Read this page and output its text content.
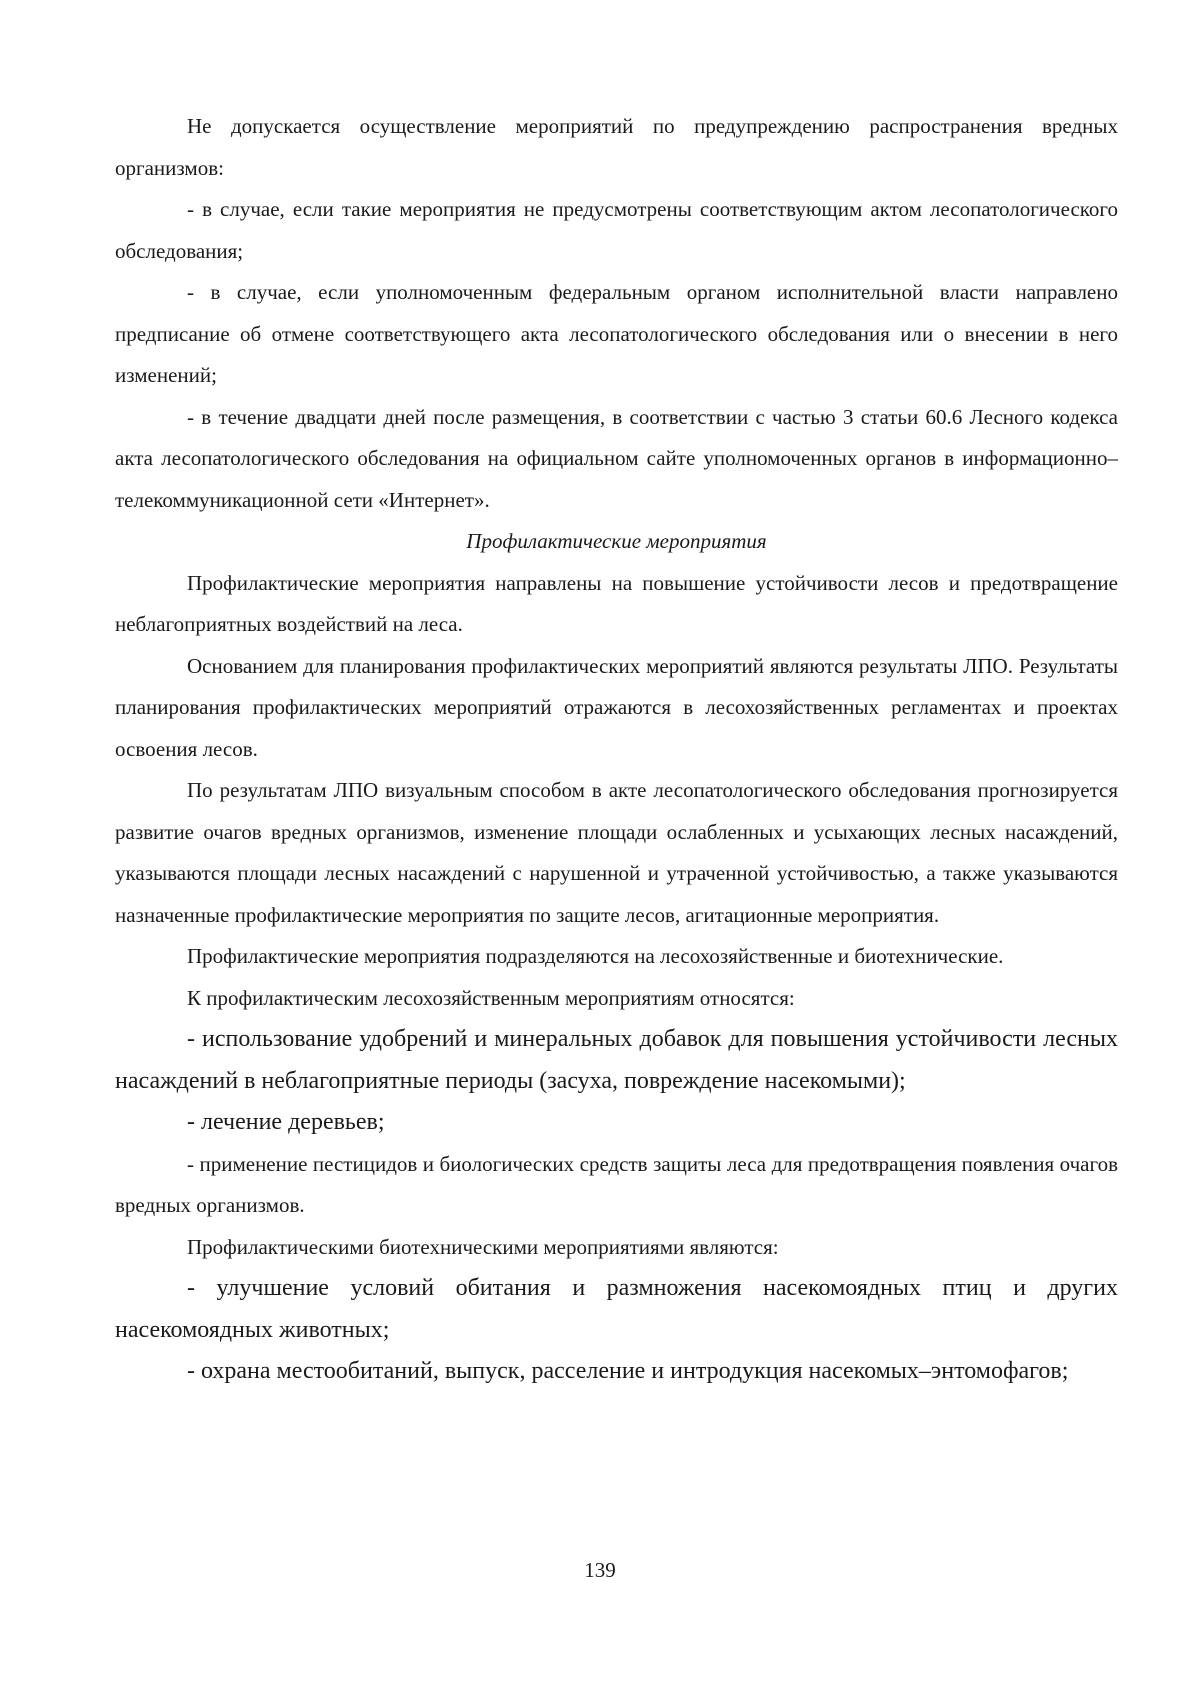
Не допускается осуществление мероприятий по предупреждению распространения вредных организмов:

- в случае, если такие мероприятия не предусмотрены соответствующим актом лесопатологического обследования;

- в случае, если уполномоченным федеральным органом исполнительной власти направлено предписание об отмене соответствующего акта лесопатологического обследования или о внесении в него изменений;

- в течение двадцати дней после размещения, в соответствии с частью 3 статьи 60.6 Лесного кодекса акта лесопатологического обследования на официальном сайте уполномоченных органов в информационно–телекоммуникационной сети «Интернет».

Профилактические мероприятия

Профилактические мероприятия направлены на повышение устойчивости лесов и предотвращение неблагоприятных воздействий на леса.

Основанием для планирования профилактических мероприятий являются результаты ЛПО. Результаты планирования профилактических мероприятий отражаются в лесохозяйственных регламентах и проектах освоения лесов.

По результатам ЛПО визуальным способом в акте лесопатологического обследования прогнозируется развитие очагов вредных организмов, изменение площади ослабленных и усыхающих лесных насаждений, указываются площади лесных насаждений с нарушенной и утраченной устойчивостью, а также указываются назначенные профилактические мероприятия по защите лесов, агитационные мероприятия.

Профилактические мероприятия подразделяются на лесохозяйственные и биотехнические.

К профилактическим лесохозяйственным мероприятиям относятся:

- использование удобрений и минеральных добавок для повышения устойчивости лесных насаждений в неблагоприятные периоды (засуха, повреждение насекомыми);

- лечение деревьев;

- применение пестицидов и биологических средств защиты леса для предотвращения появления очагов вредных организмов.

Профилактическими биотехническими мероприятиями являются:

- улучшение условий обитания и размножения насекомоядных птиц и других насекомоядных животных;

- охрана местообитаний, выпуск, расселение и интродукция насекомых–энтомофагов;

139
